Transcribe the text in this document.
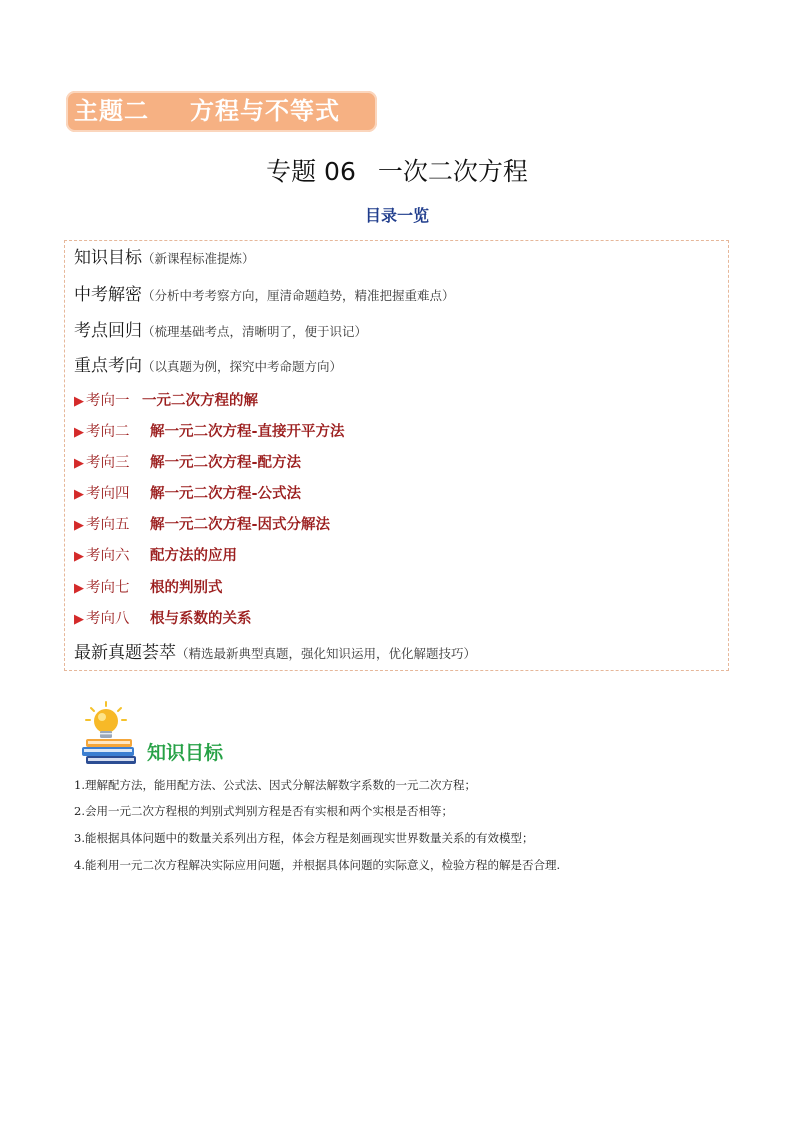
主题二 方程与不等式
专题 06 一次二次方程
目录一览
知识目标（新课程标准提炼）
中考解密（分析中考考察方向，厘清命题趋势，精准把握重难点）
考点回归（梳理基础考点，清晰明了，便于识记）
重点考向（以真题为例，探究中考命题方向）
▶ 考向一 一元二次方程的解
▶ 考向二 解一元二次方程-直接开平方法
▶ 考向三 解一元二次方程-配方法
▶ 考向四 解一元二次方程-公式法
▶ 考向五 解一元二次方程-因式分解法
▶ 考向六 配方法的应用
▶ 考向七 根的判别式
▶ 考向八 根与系数的关系
最新真题荟萃（精选最新典型真题，强化知识运用，优化解题技巧）
知识目标
1.理解配方法，能用配方法、公式法、因式分解法解数字系数的一元二次方程；
2.会用一元二次方程根的判别式判别方程是否有实根和两个实根是否相等；
3.能根据具体问题中的数量关系列出方程，体会方程是刻画现实世界数量关系的有效模型；
4.能利用一元二次方程解决实际应用问题，并根据具体问题的实际意义，检验方程的解是否合理.
